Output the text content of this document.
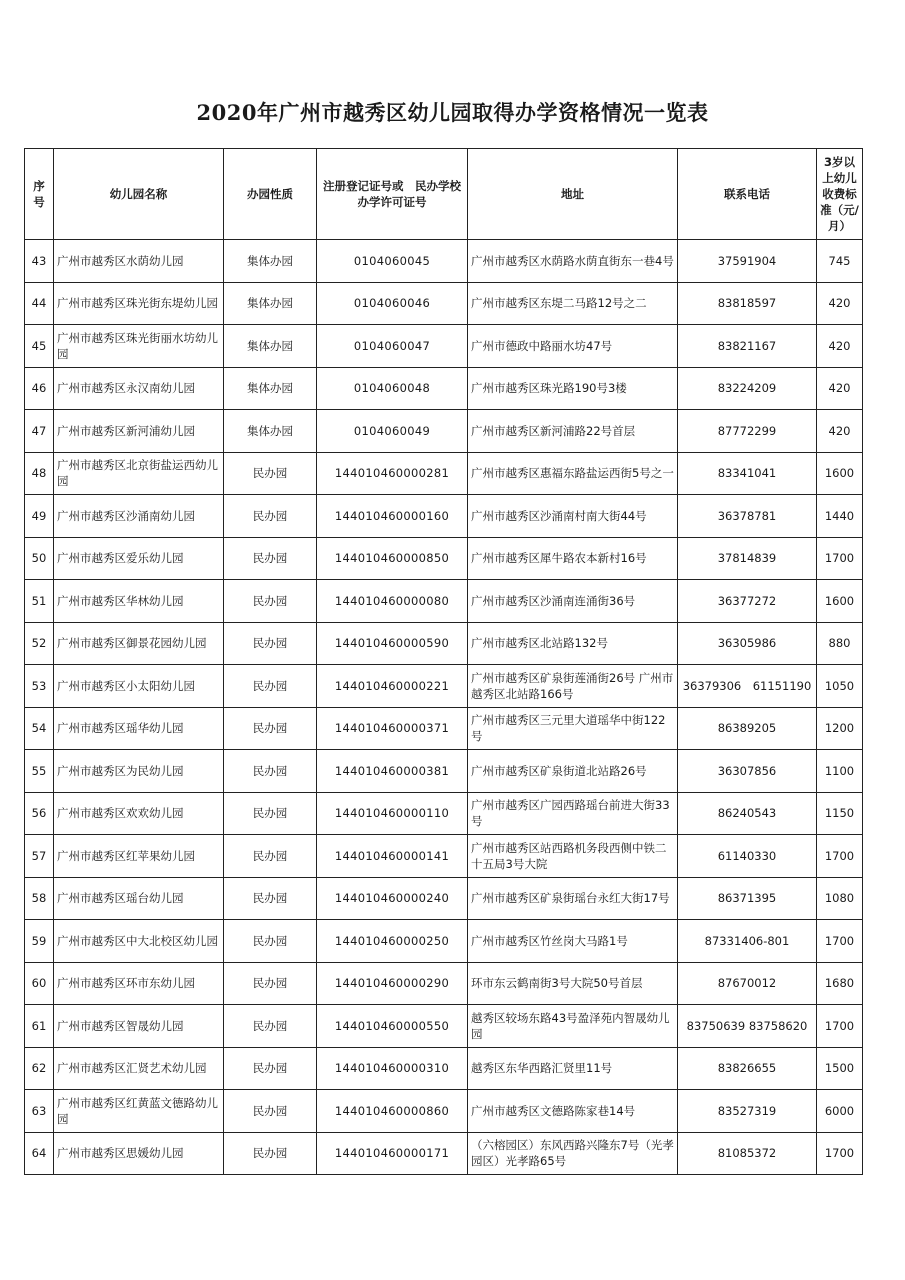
2020年广州市越秀区幼儿园取得办学资格情况一览表
序号	幼儿园名称	办园性质	注册登记证号或　民办学校办学许可证号	地址	联系电话	3岁以上幼儿收费标准（元/月）
43	广州市越秀区水荫幼儿园	集体办园	0104060045	广州市越秀区水荫路水荫直街东一巷4号	37591904	745
44	广州市越秀区珠光街东堤幼儿园	集体办园	0104060046	广州市越秀区东堤二马路12号之二	83818597	420
45	广州市越秀区珠光街丽水坊幼儿园	集体办园	0104060047	广州市德政中路丽水坊47号	83821167	420
46	广州市越秀区永汉南幼儿园	集体办园	0104060048	广州市越秀区珠光路190号3楼	83224209	420
47	广州市越秀区新河浦幼儿园	集体办园	0104060049	广州市越秀区新河浦路22号首层	87772299	420
48	广州市越秀区北京街盐运西幼儿园	民办园	144010460000281	广州市越秀区惠福东路盐运西街5号之一	83341041	1600
49	广州市越秀区沙涌南幼儿园	民办园	144010460000160	广州市越秀区沙涌南村南大街44号	36378781	1440
50	广州市越秀区爱乐幼儿园	民办园	144010460000850	广州市越秀区犀牛路农本新村16号	37814839	1700
51	广州市越秀区华林幼儿园	民办园	144010460000080	广州市越秀区沙涌南连涌街36号	36377272	1600
52	广州市越秀区御景花园幼儿园	民办园	144010460000590	广州市越秀区北站路132号	36305986	880
53	广州市越秀区小太阳幼儿园	民办园	144010460000221	广州市越秀区矿泉街莲涌街26号 广州市越秀区北站路166号	36379306　61151190	1050
54	广州市越秀区瑶华幼儿园	民办园	144010460000371	广州市越秀区三元里大道瑶华中街122号	86389205	1200
55	广州市越秀区为民幼儿园	民办园	144010460000381	广州市越秀区矿泉街道北站路26号	36307856	1100
56	广州市越秀区欢欢幼儿园	民办园	144010460000110	广州市越秀区广园西路瑶台前进大街33号	86240543	1150
57	广州市越秀区红苹果幼儿园	民办园	144010460000141	广州市越秀区站西路机务段西侧中铁二十五局3号大院	61140330	1700
58	广州市越秀区瑶台幼儿园	民办园	144010460000240	广州市越秀区矿泉街瑶台永红大街17号	86371395	1080
59	广州市越秀区中大北校区幼儿园	民办园	144010460000250	广州市越秀区竹丝岗大马路1号	87331406-801	1700
60	广州市越秀区环市东幼儿园	民办园	144010460000290	环市东云鹤南街3号大院50号首层	87670012	1680
61	广州市越秀区智晟幼儿园	民办园	144010460000550	越秀区较场东路43号盈泽苑内智晟幼儿园	83750639 83758620	1700
62	广州市越秀区汇贤艺术幼儿园	民办园	144010460000310	越秀区东华西路汇贤里11号	83826655	1500
63	广州市越秀区红黄蓝文德路幼儿园	民办园	144010460000860	广州市越秀区文德路陈家巷14号	83527319	6000
64	广州市越秀区思媛幼儿园	民办园	144010460000171	（六榕园区）东风西路兴隆东7号（光孝园区）光孝路65号	81085372	1700
